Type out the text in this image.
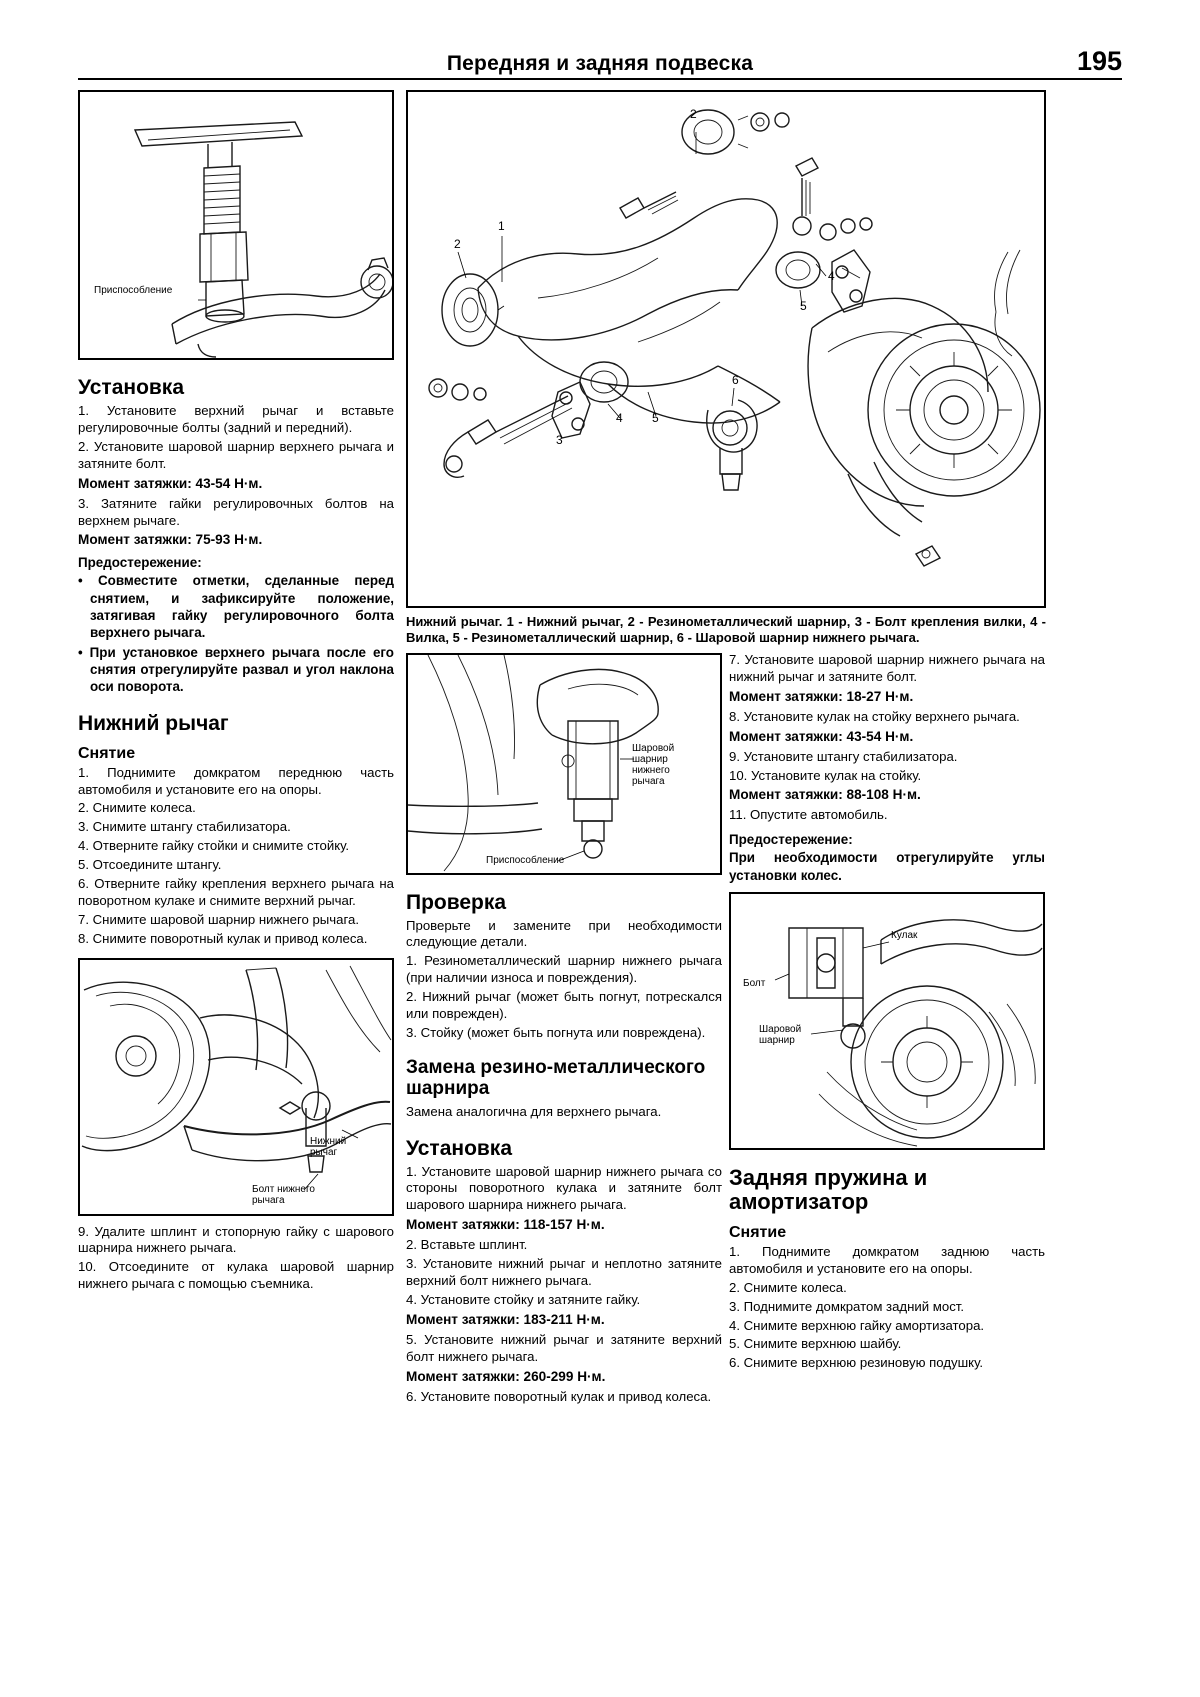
Передняя и задняя подвеска	195
Приспособление
Установка

1. Установите верхний рычаг и вставьте регулировочные болты (задний и передний).

2. Установите шаровой шарнир верхнего рычага и затяните болт.

Момент затяжки: 43-54 Н·м.

3. Затяните гайки регулировочных болтов на верхнем рычаге.

Момент затяжки: 75-93 Н·м.

Предостережение:

• Совместите отметки, сделанные перед снятием, и зафиксируйте положение, затягивая гайку регулировочного болта верхнего рычага.

• При установкое верхнего рычага после его снятия отрегулируйте развал и угол наклона оси поворота.

Нижний рычаг
Снятие

1. Поднимите домкратом переднюю часть автомобиля и установите его на опоры.

2. Снимите колеса.

3. Снимите штангу стабилизатора.

4. Отверните гайку стойки и снимите стойку.

5. Отсоедините штангу.

6. Отверните гайку крепления верхнего рычага на поворотном кулаке и снимите верхний рычаг.

7. Снимите шаровой шарнир нижнего рычага.

8. Снимите поворотный кулак и привод колеса.

Нижний рычаг
Болт нижнего рычага

9. Удалите шплинт и стопорную гайку с шарового шарнира нижнего рычага.

10. Отсоедините от кулака шаровой шарнир нижнего рычага с помощью съемника.

2
1
2
3
4 5
4
5
6

Нижний рычаг. 1 - Нижний рычаг, 2 - Резинометаллический шарнир, 3 - Болт крепления вилки, 4 - Вилка, 5 - Резинометаллический шарнир, 6 - Шаровой шарнир нижнего рычага.

Шаровой шарнир нижнего рычага
Приспособление
Проверка

Проверьте и замените при необходимости следующие детали.

1. Резинометаллический шарнир нижнего рычага (при наличии износа и повреждения).

2. Нижний рычаг (может быть погнут, потрескался или поврежден).

3. Стойку (может быть погнута или повреждена).

Замена резино-металлического шарнира

Замена аналогична для верхнего рычага.

Установка

1. Установите шаровой шарнир нижнего рычага со стороны поворотного кулака и затяните болт шарового шарнира нижнего рычага.

Момент затяжки: 118-157 Н·м.

2. Вставьте шплинт.

3. Установите нижний рычаг и неплотно затяните верхний болт нижнего рычага.

4. Установите стойку и затяните гайку.

Момент затяжки: 183-211 Н·м.

5. Установите нижний рычаг и затяните верхний болт нижнего рычага.

Момент затяжки: 260-299 Н·м.

6. Установите поворотный кулак и привод колеса.

7. Установите шаровой шарнир нижнего рычага на нижний рычаг и затяните болт.

Момент затяжки: 18-27 Н·м.

8. Установите кулак на стойку верхнего рычага.

Момент затяжки: 43-54 Н·м.

9. Установите штангу стабилизатора.

10. Установите кулак на стойку.

Момент затяжки: 88-108 Н·м.

11. Опустите автомобиль.

Предостережение:

При необходимости отрегулируйте углы установки колес.

Кулак
Болт
Шаровой шарнир
Задняя пружина и амортизатор
Снятие

1. Поднимите домкратом заднюю часть автомобиля и установите его на опоры.

2. Снимите колеса.

3. Поднимите домкратом задний мост.

4. Снимите верхнюю гайку амортизатора.

5. Снимите верхнюю шайбу.

6. Снимите верхнюю резиновую подушку.
